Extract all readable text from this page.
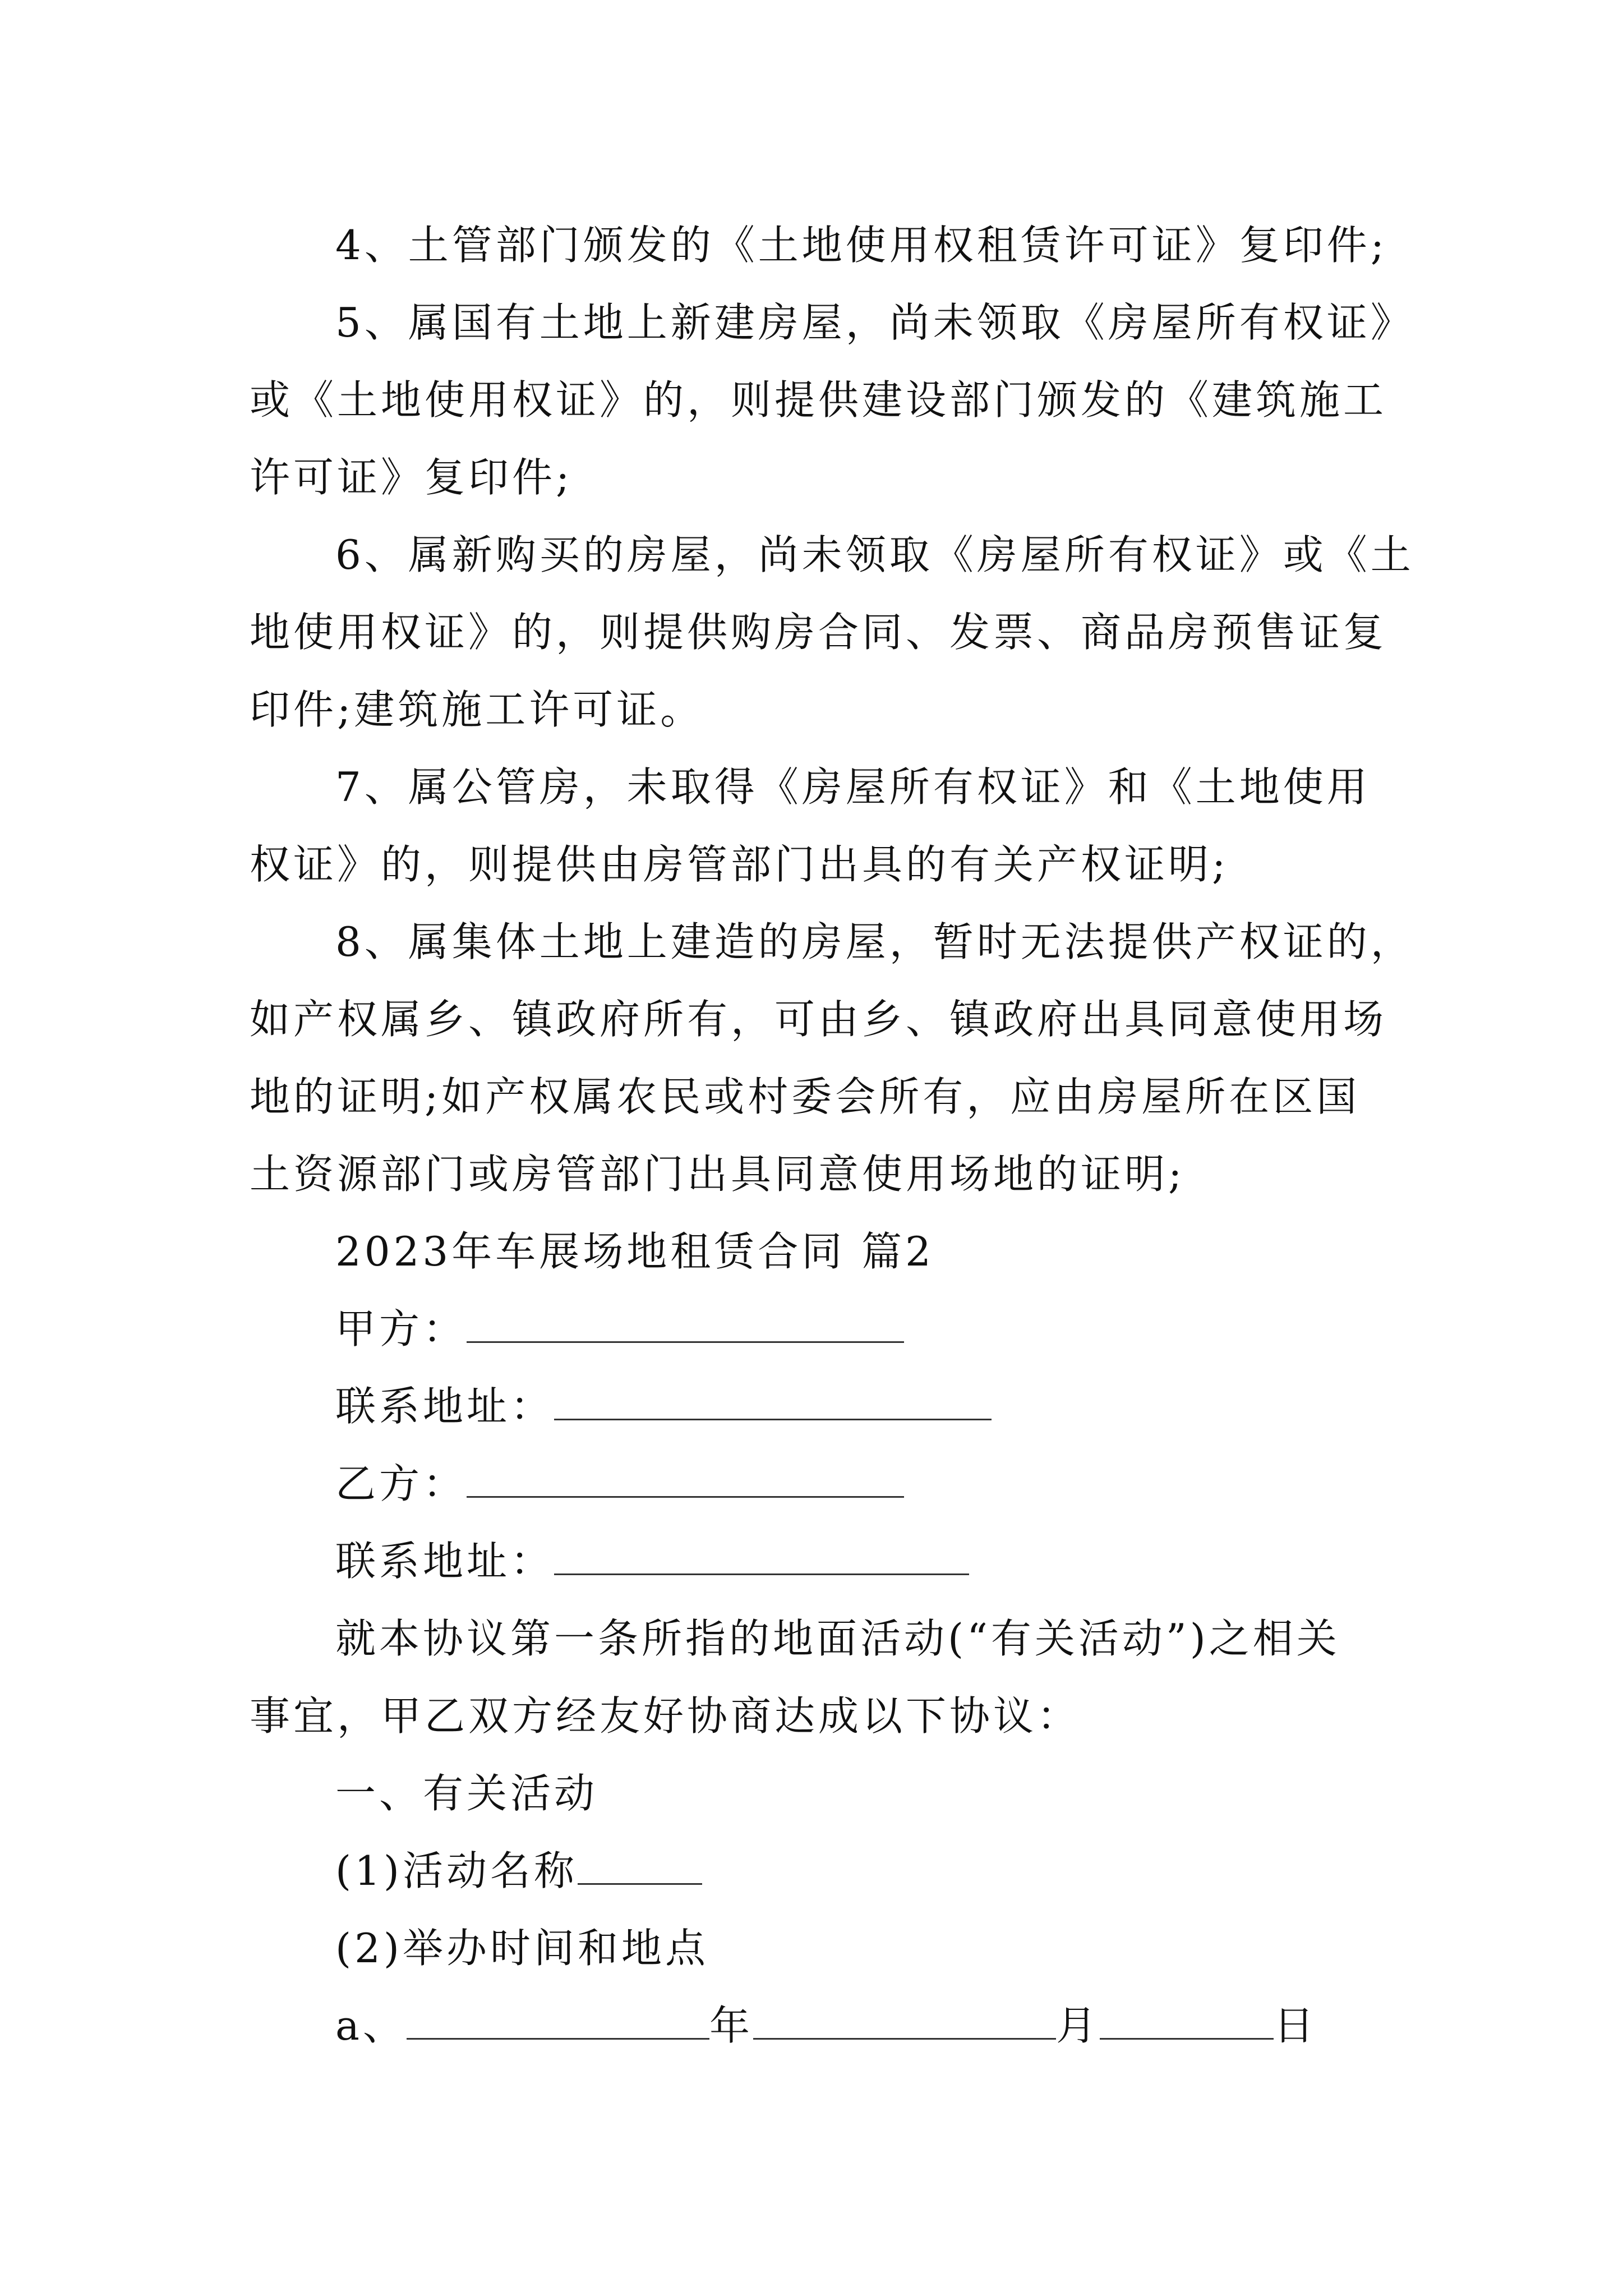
4、土管部门颁发的《土地使用权租赁许可证》复印件;
5、属国有土地上新建房屋，尚未领取《房屋所有权证》
或《土地使用权证》的，则提供建设部门颁发的《建筑施工
许可证》复印件;
6、属新购买的房屋，尚未领取《房屋所有权证》或《土
地使用权证》的，则提供购房合同、发票、商品房预售证复
印件;建筑施工许可证。
7、属公管房，未取得《房屋所有权证》和《土地使用
权证》的，则提供由房管部门出具的有关产权证明;
8、属集体土地上建造的房屋，暂时无法提供产权证的，
如产权属乡、镇政府所有，可由乡、镇政府出具同意使用场
地的证明;如产权属农民或村委会所有，应由房屋所在区国
土资源部门或房管部门出具同意使用场地的证明;
2023年车展场地租赁合同 篇2
甲方：
联系地址：
乙方：
联系地址：
就本协议第一条所指的地面活动(“有关活动”)之相关
事宜，甲乙双方经友好协商达成以下协议：
一、有关活动
(1)活动名称
(2)举办时间和地点
a、	年	月	日
